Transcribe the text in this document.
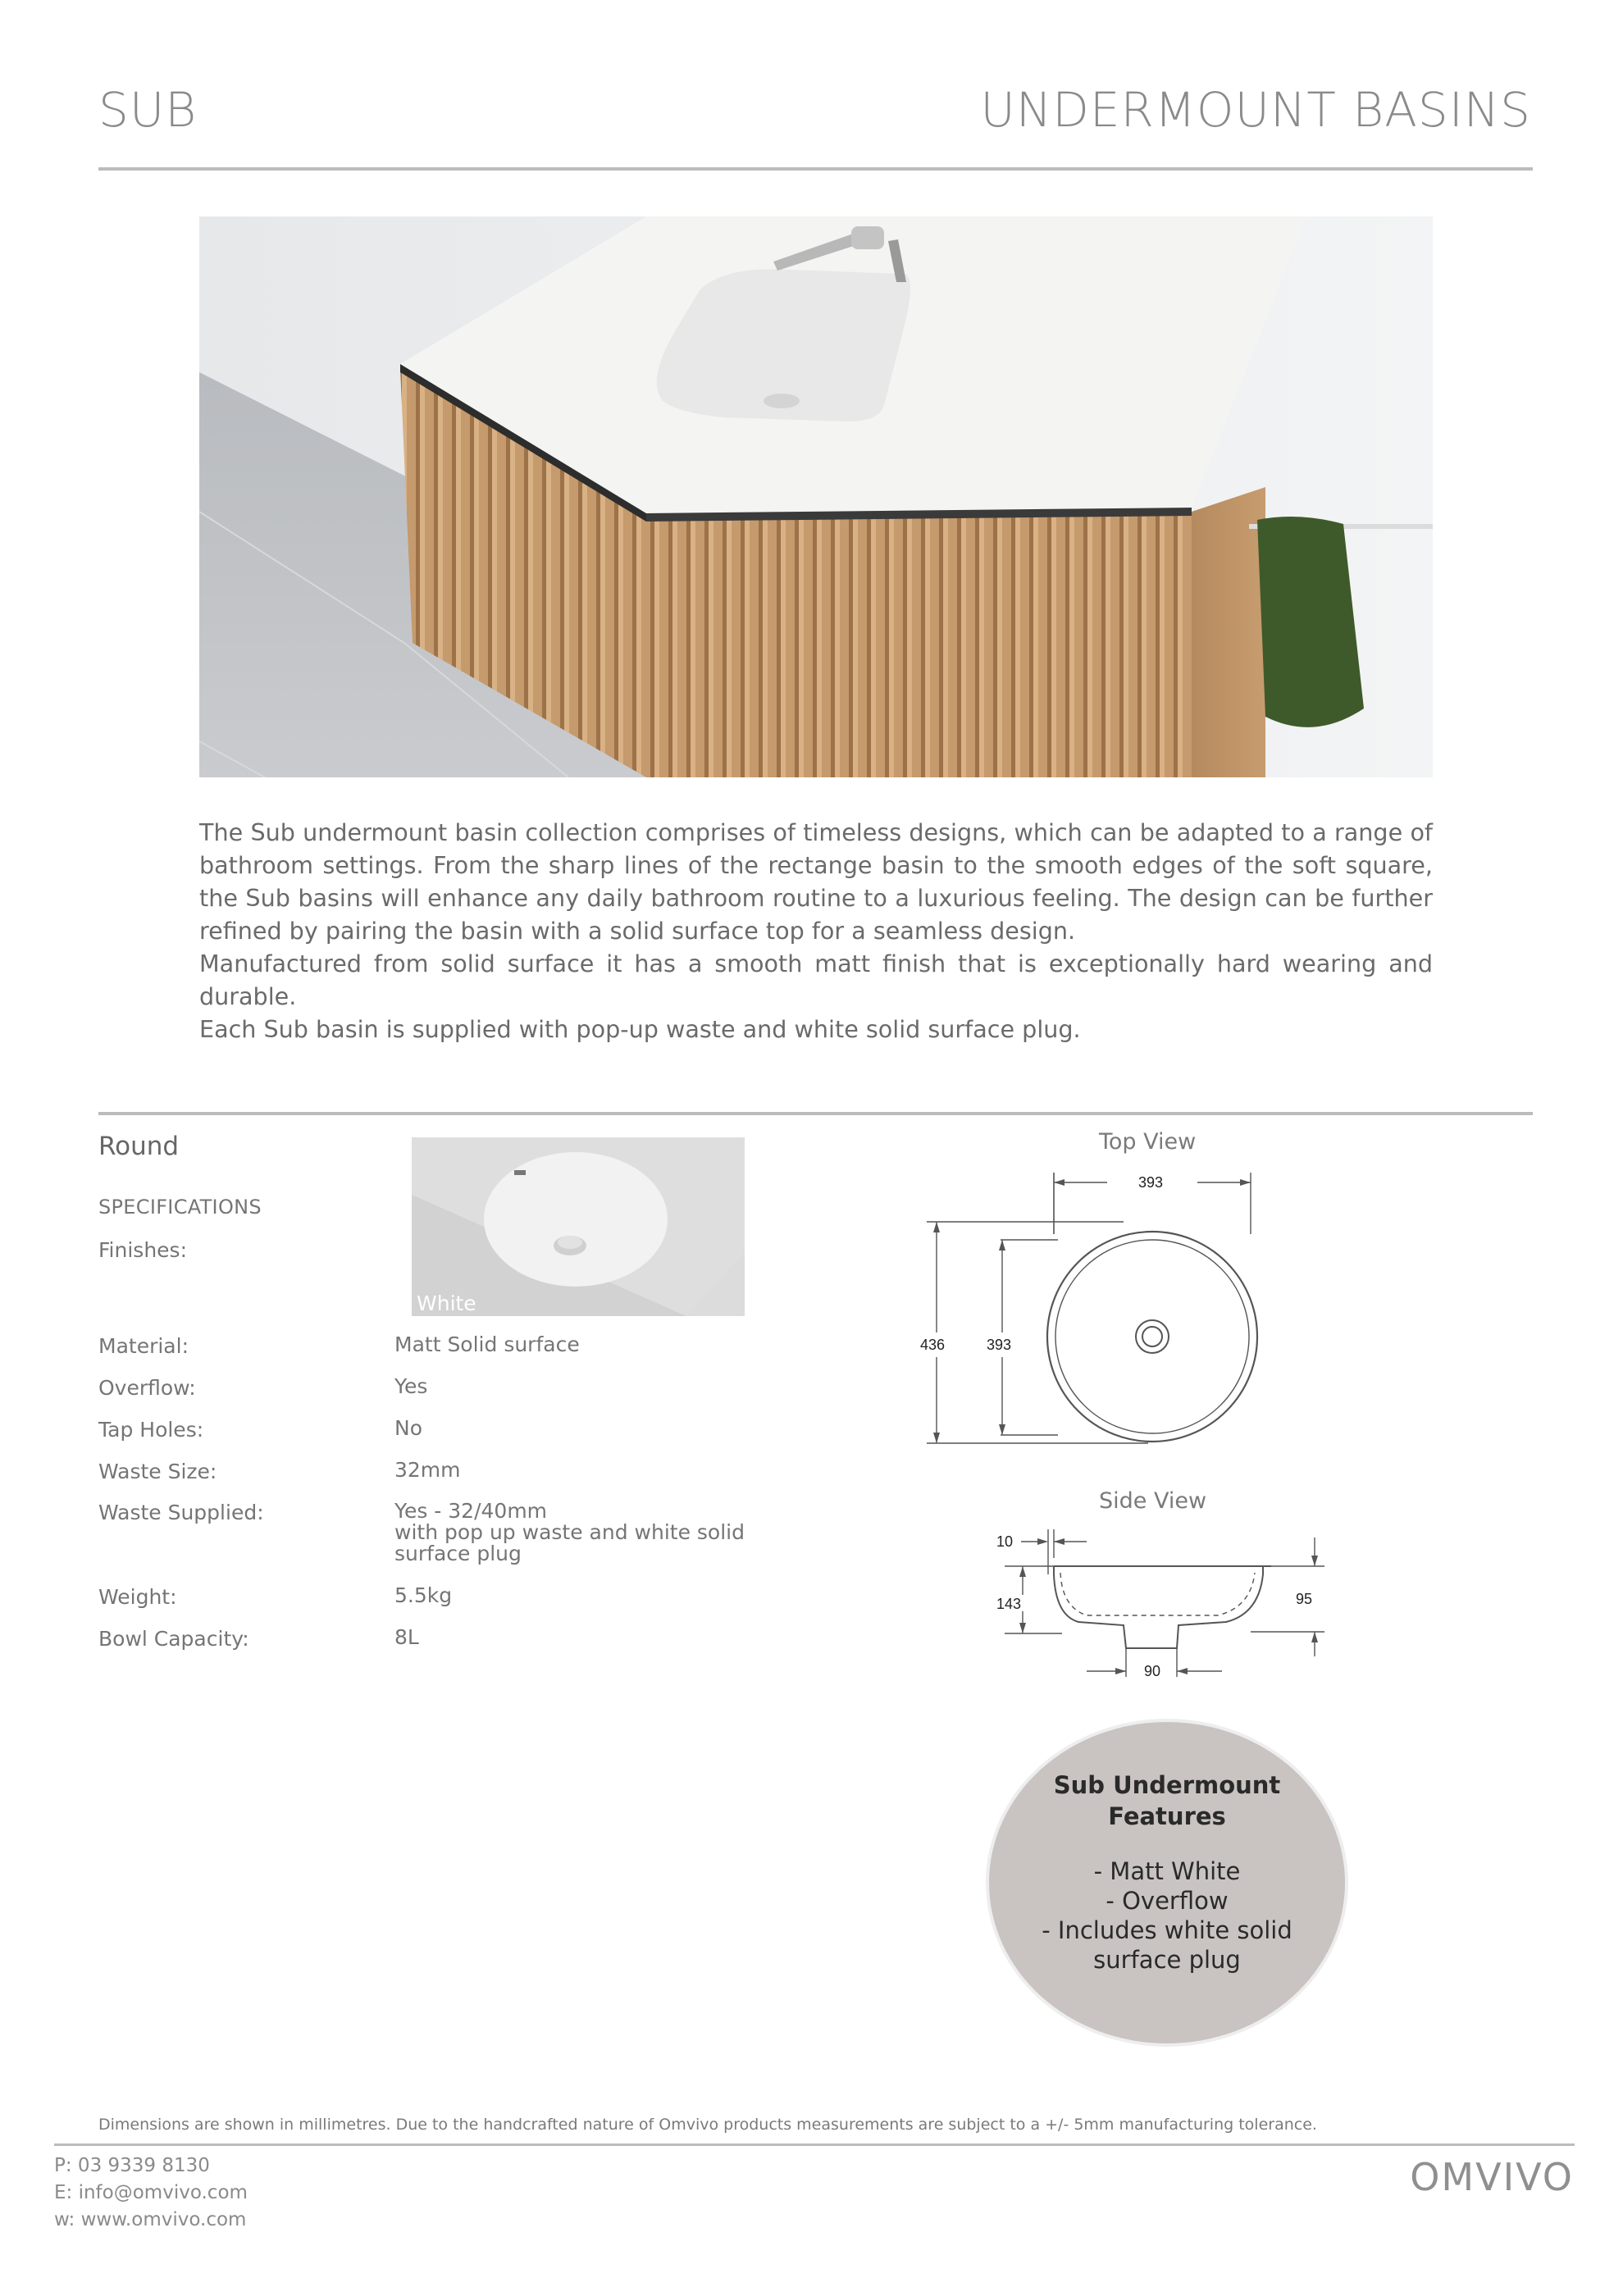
SUB	UNDERMOUNT BASINS

The Sub undermount basin collection comprises of timeless designs, which can be adapted to a range of bathroom settings. From the sharp lines of the rectange basin to the smooth edges of the soft square, the Sub basins will enhance any daily bathroom routine to a luxurious feeling. The design can be further refined by pairing the basin with a solid surface top for a seamless design.

Manufactured from solid surface it has a smooth matt finish that is exceptionally hard wearing and durable.

Each Sub basin is supplied with pop-up waste and white solid surface plug.

Round
SPECIFICATIONS
Finishes:
White
Material:	Matt Solid surface
Overflow:	Yes
Tap Holes:	No
Waste Size:	32mm
Waste Supplied:	Yes - 32/40mm
with pop up waste and white solid
surface plug
Weight:	5.5kg
Bowl Capacity:	8L
Top View
393
436	393
Side View
10
143	95
90
Sub Undermount
Features
- Matt White
- Overflow
- Includes white solid
surface plug
Dimensions are shown in millimetres. Due to the handcrafted nature of Omvivo products measurements are subject to a +/- 5mm manufacturing tolerance.
P: 03 9339 8130
E: info@omvivo.com
w: www.omvivo.com
OMVIVO
